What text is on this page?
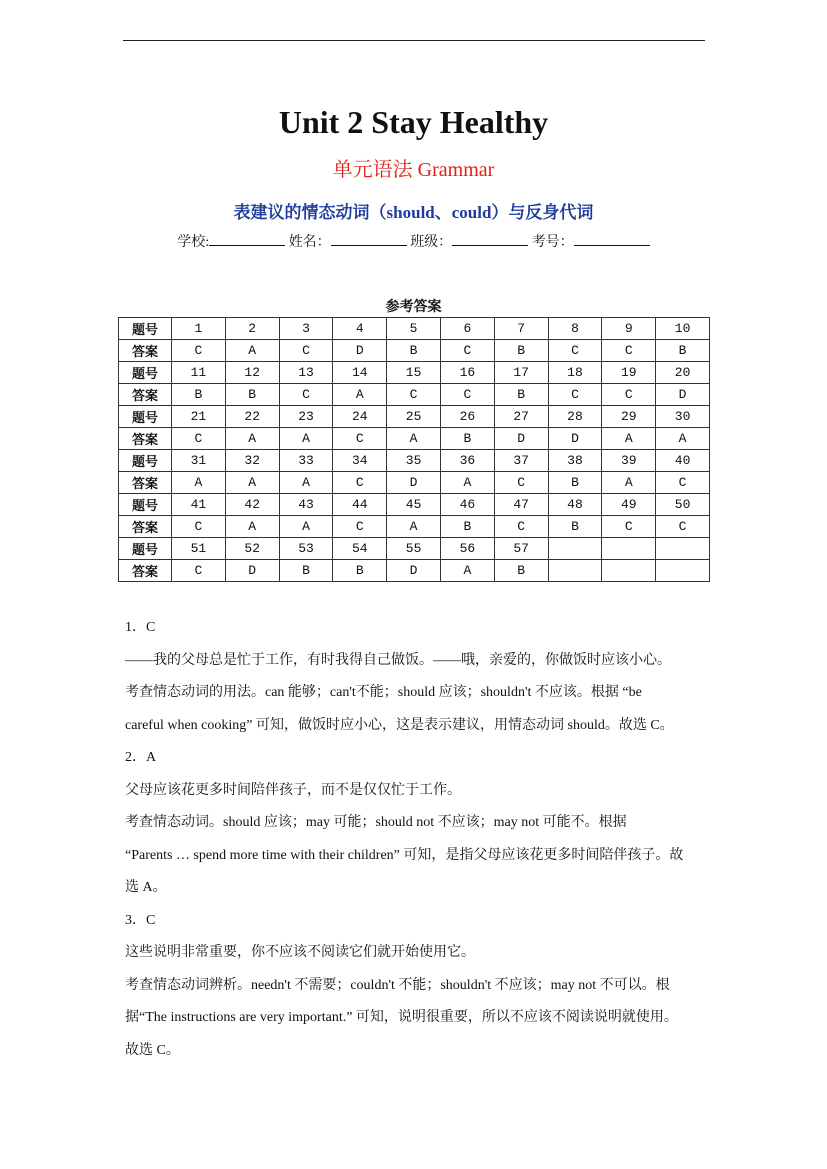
Unit 2 Stay Healthy
单元语法 Grammar
表建议的情态动词（should、could）与反身代词
学校:	姓名：	班级：	考号：
参考答案
题号	1	2	3	4	5	6	7	8	9	10
答案	C	A	C	D	B	C	B	C	C	B
题号	11	12	13	14	15	16	17	18	19	20
答案	B	B	C	A	C	C	B	C	C	D
题号	21	22	23	24	25	26	27	28	29	30
答案	C	A	A	C	A	B	D	D	A	A
题号	31	32	33	34	35	36	37	38	39	40
答案	A	A	A	C	D	A	C	B	A	C
题号	41	42	43	44	45	46	47	48	49	50
答案	C	A	A	C	A	B	C	B	C	C
题号	51	52	53	54	55	56	57			
答案	C	D	B	B	D	A	B			
1．C
——我的父母总是忙于工作，有时我得自己做饭。——哦，亲爱的，你做饭时应该小心。
考查情态动词的用法。can 能够；can't不能；should 应该；shouldn't 不应该。根据 “be
careful when cooking” 可知，做饭时应小心，这是表示建议，用情态动词 should。故选 C。
2．A
父母应该花更多时间陪伴孩子，而不是仅仅忙于工作。
考查情态动词。should 应该；may 可能；should not 不应该；may not 可能不。根据
“Parents … spend more time with their children” 可知，是指父母应该花更多时间陪伴孩子。故
选 A。
3．C
这些说明非常重要，你不应该不阅读它们就开始使用它。
考查情态动词辨析。needn't 不需要；couldn't 不能；shouldn't 不应该；may not 不可以。根
据“The instructions are very important.” 可知，说明很重要，所以不应该不阅读说明就使用。
故选 C。
